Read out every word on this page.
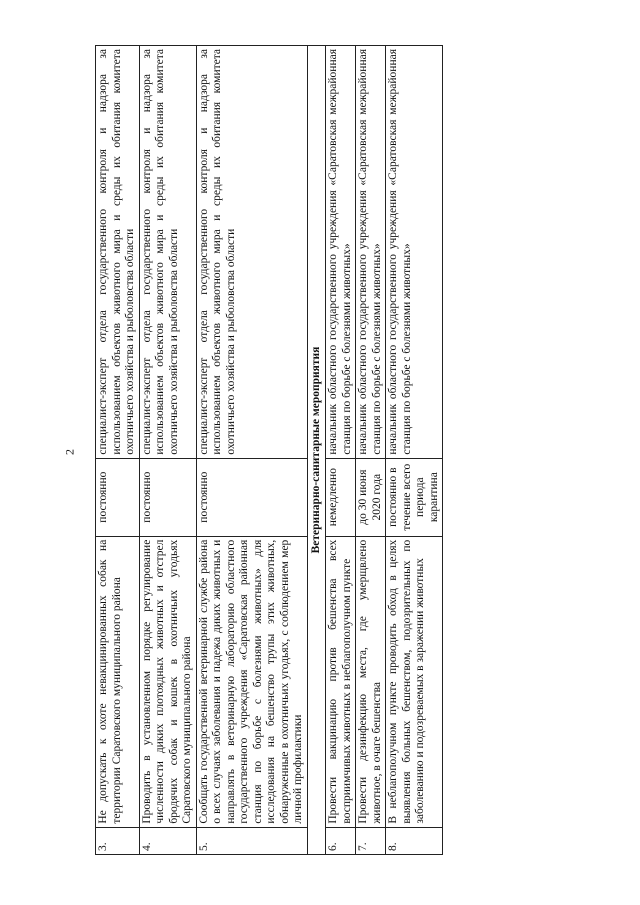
2
3.	Не допускать к охоте невакцинированных собак на территории Саратовского муниципального района	постоянно	специалист-эксперт отдела государственного контроля и надзора за использованием объектов животного мира и среды их обитания комитета охотничьего хозяйства и рыболовства области
4.	Проводить в установленном порядке регулирование численности диких плотоядных животных и отстрел бродячих собак и кошек в охотничьих угодьях Саратовского муниципального района	постоянно	специалист-эксперт отдела государственного контроля и надзора за использованием объектов животного мира и среды их обитания комитета охотничьего хозяйства и рыболовства области
5.	Сообщать государственной ветеринарной службе района о всех случаях заболевания и падежа диких животных и направлять в ветеринарную лабораторию областного государственного учреждения «Саратовская районная станция по борьбе с болезнями животных» для исследования на бешенство трупы этих животных, обнаруженные в охотничьих угодьях, с соблюдением мер личной профилактики	постоянно	специалист-эксперт отдела государственного контроля и надзора за использованием объектов животного мира и среды их обитания комитета охотничьего хозяйства и рыболовства области
Ветеринарно-санитарные мероприятия			
6.	Провести вакцинацию против бешенства всех восприимчивых животных в неблагополучном пункте	немедленно	начальник областного государственного учреждения «Саратовская межрайонная станция по борьбе с болезнями животных»
7.	Провести дезинфекцию места, где умерщвлено животное, в очаге бешенства	до 30 июня 2020 года	начальник областного государственного учреждения «Саратовская межрайонная станция по борьбе с болезнями животных»
8.	В неблагополучном пункте проводить обход в целях выявления больных бешенством, подозрительных по заболеванию и подозреваемых в заражении животных	постоянно в течение всего периода карантина	начальник областного государственного учреждения «Саратовская межрайонная станция по борьбе с болезнями животных»
